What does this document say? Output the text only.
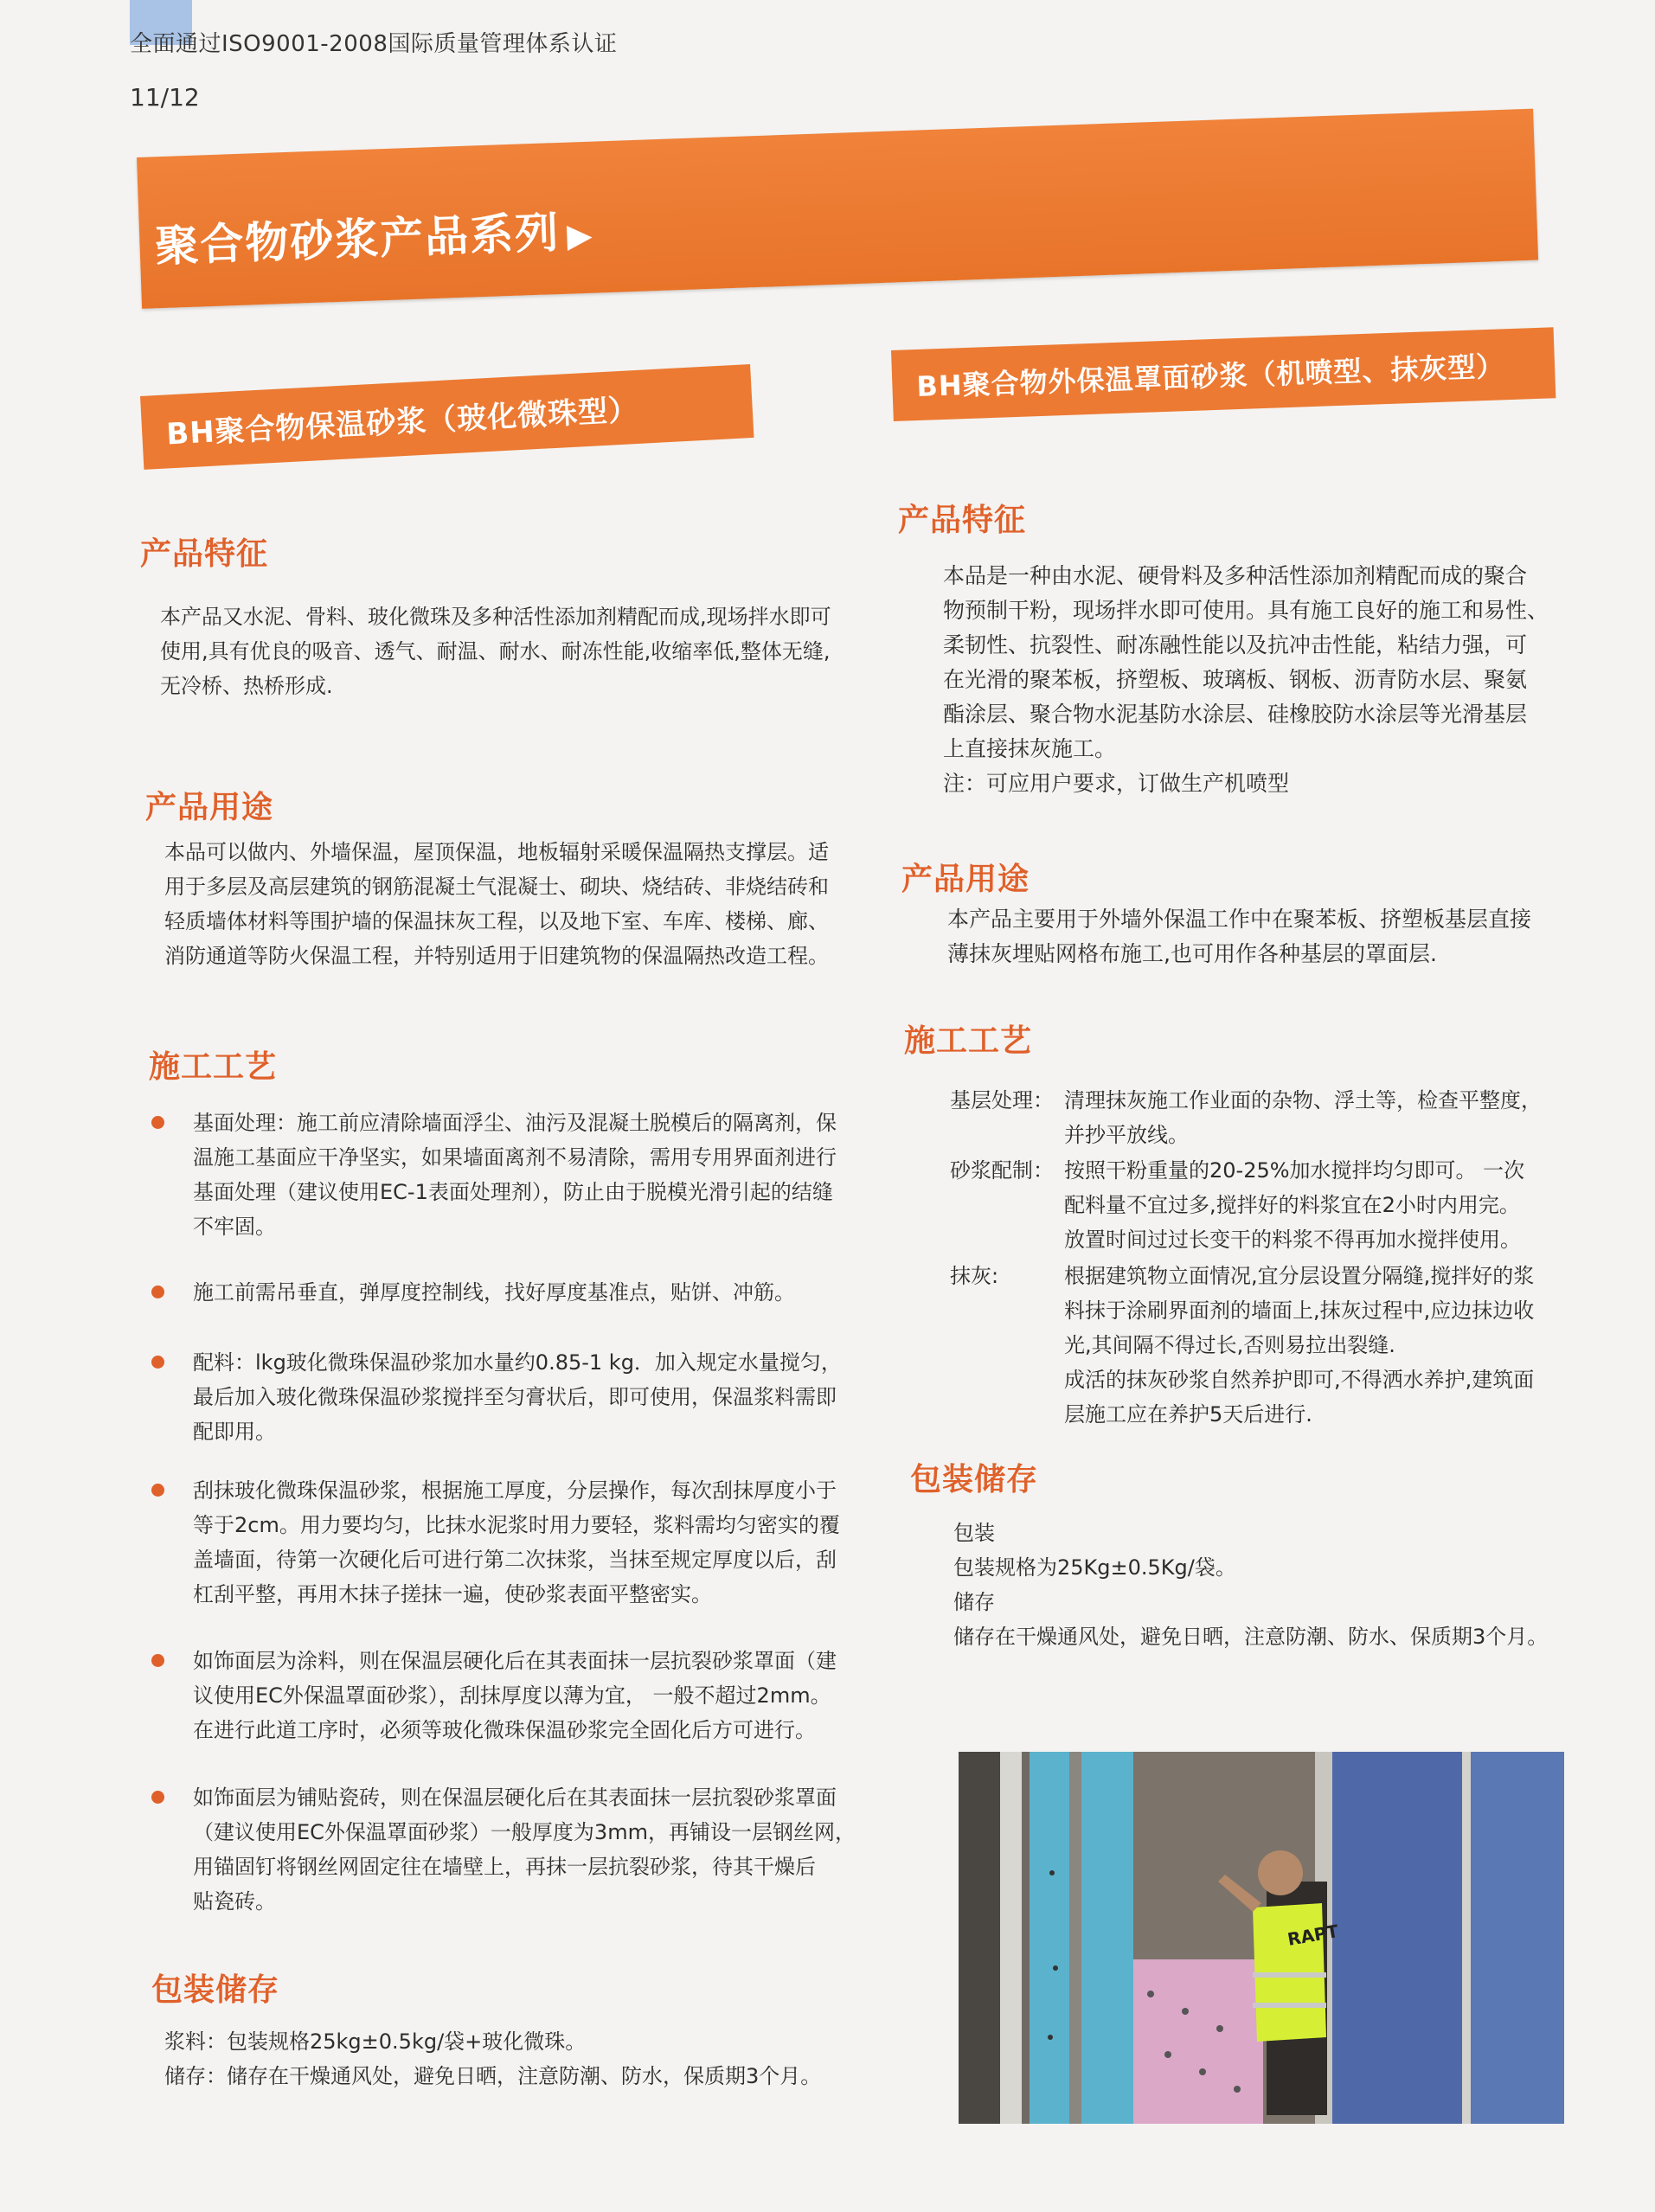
全面通过ISO9001-2008国际质量管理体系认证
11/12
聚合物砂浆产品系列 ▶
BH聚合物保温砂浆（玻化微珠型）
BH聚合物外保温罩面砂浆（机喷型、抹灰型）
产品特征
本产品又水泥、骨料、玻化微珠及多种活性添加剂精配而成,现场拌水即可
使用,具有优良的吸音、透气、耐温、耐水、耐冻性能,收缩率低,整体无缝,
无冷桥、热桥形成.
产品用途
本品可以做内、外墙保温，屋顶保温，地板辐射采暖保温隔热支撑层。适
用于多层及高层建筑的钢筋混凝土气混凝士、砌块、烧结砖、非烧结砖和
轻质墙体材料等围护墙的保温抹灰工程，以及地下室、车库、楼梯、廊、
消防通道等防火保温工程，并特别适用于旧建筑物的保温隔热改造工程。
施工工艺
基面处理：施工前应清除墙面浮尘、油污及混凝土脱模后的隔离剂，保
温施工基面应干净坚实，如果墙面离剂不易清除，需用专用界面剂进行
基面处理（建议使用EC-1表面处理剂），防止由于脱模光滑引起的结缝
不牢固。
施工前需吊垂直，弹厚度控制线，找好厚度基准点，贴饼、冲筋。
配料：lkg玻化微珠保温砂浆加水量约0.85-1 kg．加入规定水量搅匀，
最后加入玻化微珠保温砂浆搅拌至匀膏状后，即可使用，保温浆料需即
配即用。
刮抹玻化微珠保温砂浆，根据施工厚度，分层操作，每次刮抹厚度小于
等于2cm。用力要均匀，比抹水泥浆时用力要轻，浆料需均匀密实的覆
盖墙面，待第一次硬化后可进行第二次抹浆，当抹至规定厚度以后，刮
杠刮平整，再用木抹子搓抹一遍，使砂浆表面平整密实。
如饰面层为涂料，则在保温层硬化后在其表面抹一层抗裂砂浆罩面（建
议使用EC外保温罩面砂浆），刮抹厚度以薄为宜， 一般不超过2mm。
在进行此道工序时，必须等玻化微珠保温砂浆完全固化后方可进行。
如饰面层为铺贴瓷砖，则在保温层硬化后在其表面抹一层抗裂砂浆罩面
（建议使用EC外保温罩面砂浆）一般厚度为3mm，再铺设一层钢丝网，
用锚固钉将钢丝网固定往在墙壁上，再抹一层抗裂砂浆，待其干燥后
贴瓷砖。
包装储存
浆料：包装规格25kg±0.5kg/袋+玻化微珠。
储存：储存在干燥通风处，避免日晒，注意防潮、防水，保质期3个月。
产品特征
本品是一种由水泥、硬骨料及多种活性添加剂精配而成的聚合
物预制干粉，现场拌水即可使用。具有施工良好的施工和易性、
柔韧性、抗裂性、耐冻融性能以及抗冲击性能，粘结力强，可
在光滑的聚苯板，挤塑板、玻璃板、钢板、沥青防水层、聚氨
酯涂层、聚合物水泥基防水涂层、硅橡胶防水涂层等光滑基层
上直接抹灰施工。
注：可应用户要求，订做生产机喷型
产品用途
本产品主要用于外墙外保温工作中在聚苯板、挤塑板基层直接
薄抹灰埋贴网格布施工,也可用作各种基层的罩面层.
施工工艺
基层处理： 清理抹灰施工作业面的杂物、浮土等，检查平整度，
并抄平放线。
砂浆配制： 按照干粉重量的20-25%加水搅拌均匀即可。 一次
配料量不宜过多,搅拌好的料浆宜在2小时内用完。
放置时间过过长变干的料浆不得再加水搅拌使用。
抹灰:	根据建筑物立面情况,宜分层设置分隔缝,搅拌好的浆
料抹于涂刷界面剂的墙面上,抹灰过程中,应边抹边收
光,其间隔不得过长,否则易拉出裂缝.
成活的抹灰砂浆自然养护即可,不得洒水养护,建筑面
层施工应在养护5天后进行.
包装储存
包装
包装规格为25Kg±0.5Kg/袋。
储存
储存在干燥通风处，避免日晒，注意防潮、防水、保质期3个月。
RAPT
